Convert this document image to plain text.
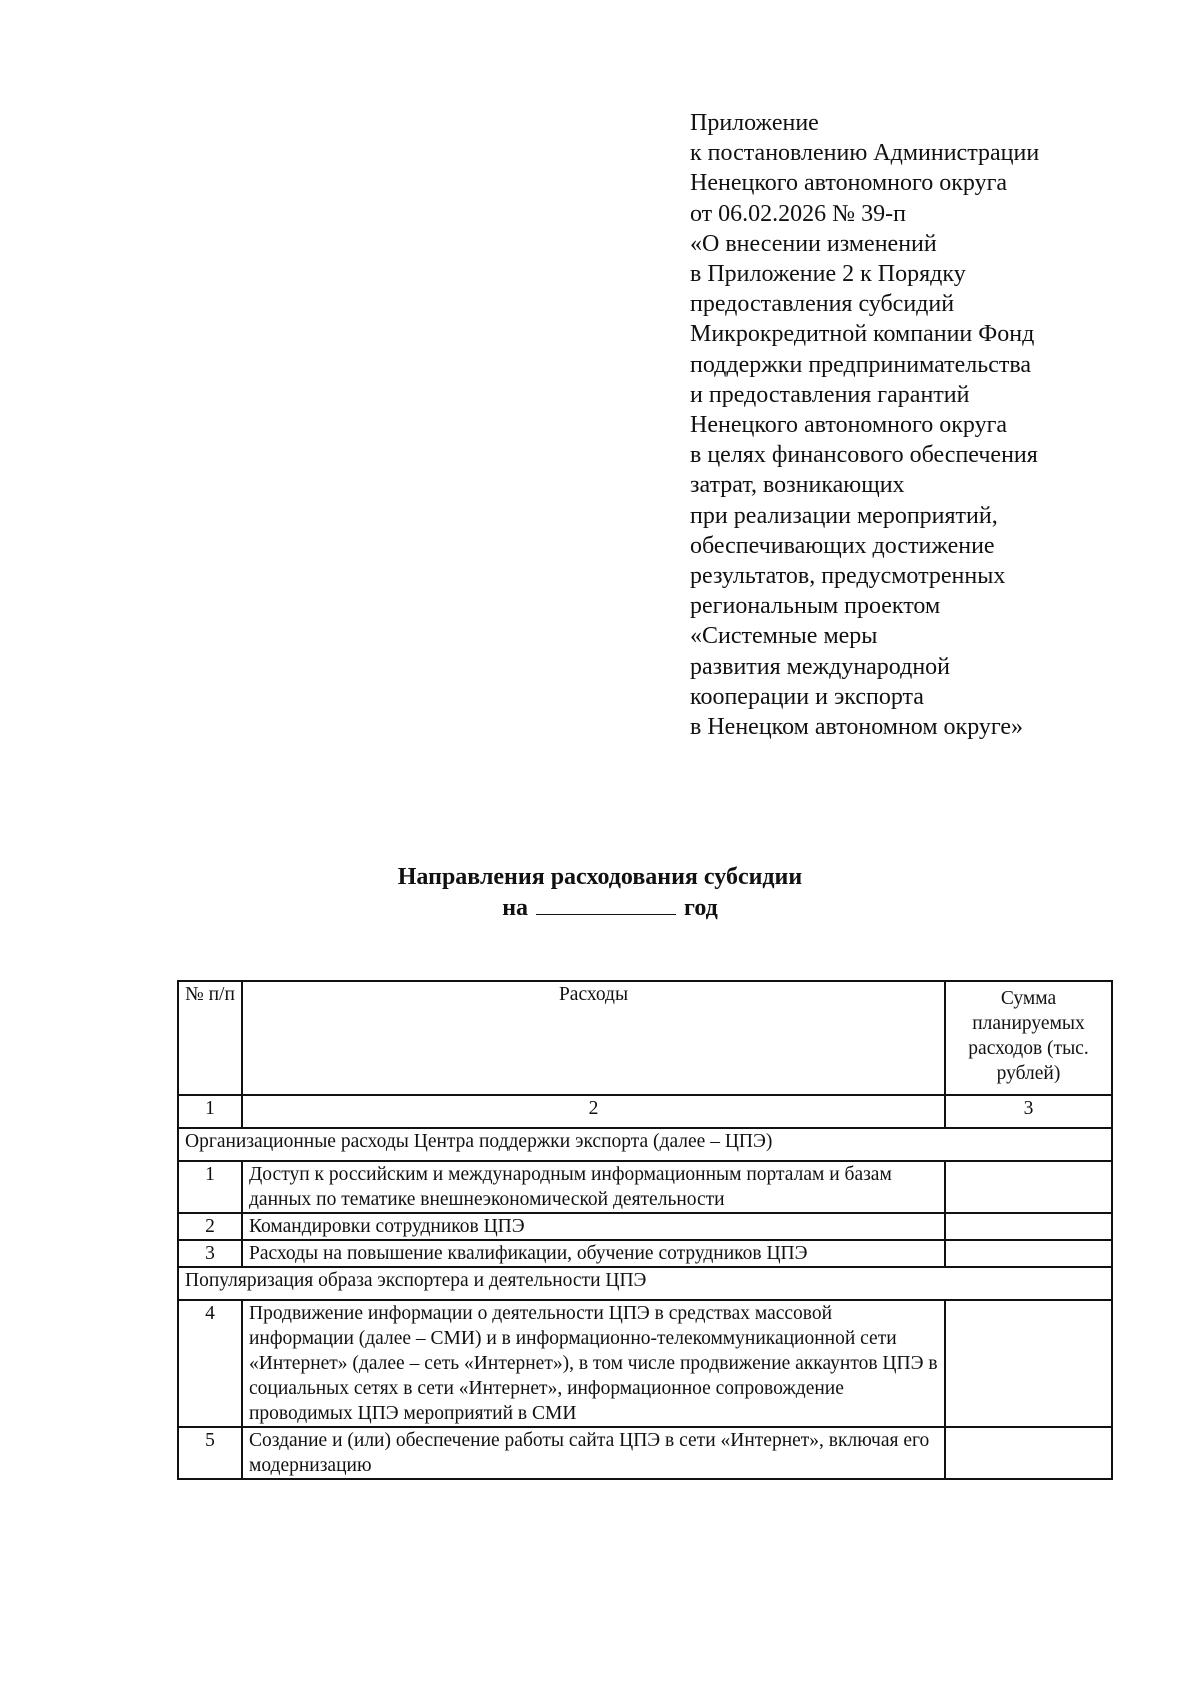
Приложение
к постановлению Администрации
Ненецкого автономного округа
от 06.02.2026 № 39-п
«О внесении изменений
в Приложение 2 к Порядку
предоставления субсидий
Микрокредитной компании Фонд
поддержки предпринимательства
и предоставления гарантий
Ненецкого автономного округа
в целях финансового обеспечения
затрат, возникающих
при реализации мероприятий,
обеспечивающих достижение
результатов, предусмотренных
региональным проектом
«Системные меры
развития международной
кооперации и экспорта
в Ненецком автономном округе»
Направления расходования субсидии
на	год
№ п/п	Расходы	Сумма планируемых расходов (тыс. рублей)
1	2	3
Организационные расходы Центра поддержки экспорта (далее – ЦПЭ)		
1	Доступ к российским и международным информационным порталам и базам данных по тематике внешнеэкономической деятельности	
2	Командировки сотрудников ЦПЭ	
3	Расходы на повышение квалификации, обучение сотрудников ЦПЭ	
Популяризация образа экспортера и деятельности ЦПЭ		
4	Продвижение информации о деятельности ЦПЭ в средствах массовой информации (далее – СМИ) и в информационно-телекоммуникационной сети «Интернет» (далее – сеть «Интернет»), в том числе продвижение аккаунтов ЦПЭ в социальных сетях в сети «Интернет», информационное сопровождение проводимых ЦПЭ мероприятий в СМИ	
5	Создание и (или) обеспечение работы сайта ЦПЭ в сети «Интернет», включая его модернизацию	
